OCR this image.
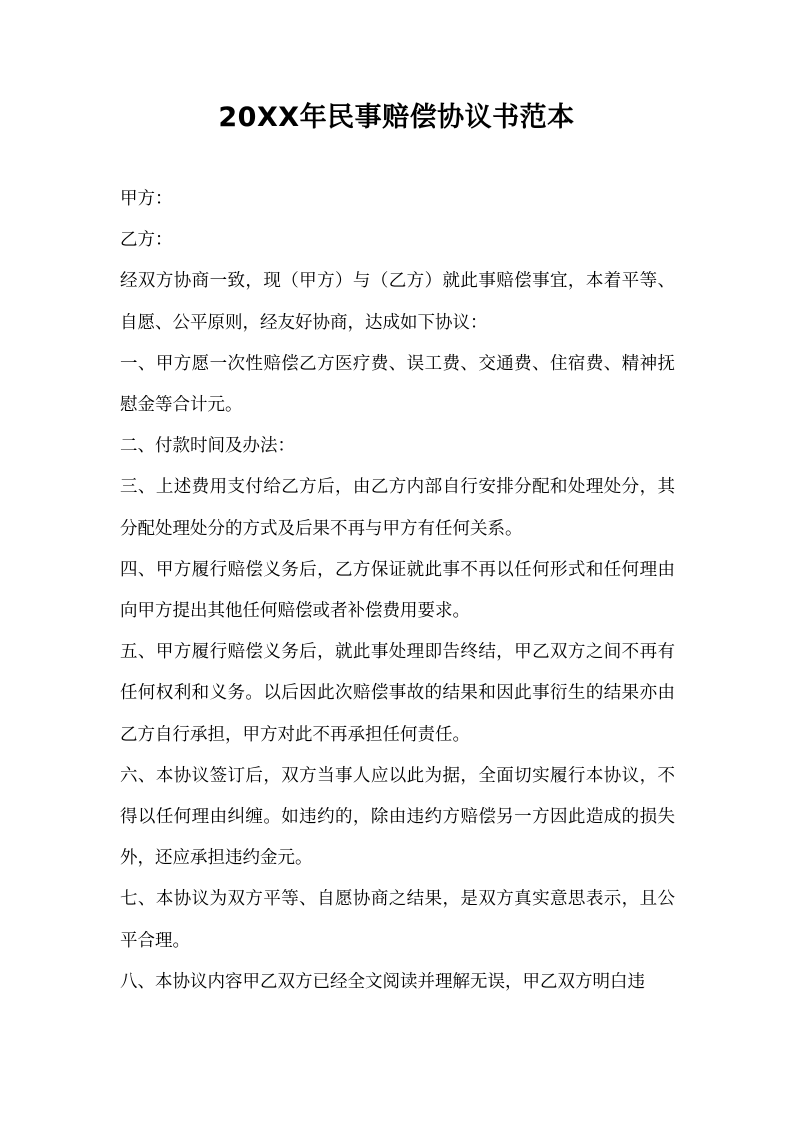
20XX年民事赔偿协议书范本

甲方：

乙方：

经双方协商一致，现（甲方）与（乙方）就此事赔偿事宜，本着平等、自愿、公平原则，经友好协商，达成如下协议：

一、甲方愿一次性赔偿乙方医疗费、误工费、交通费、住宿费、精神抚慰金等合计元。

二、付款时间及办法：

三、上述费用支付给乙方后，由乙方内部自行安排分配和处理处分，其分配处理处分的方式及后果不再与甲方有任何关系。

四、甲方履行赔偿义务后，乙方保证就此事不再以任何形式和任何理由向甲方提出其他任何赔偿或者补偿费用要求。

五、甲方履行赔偿义务后，就此事处理即告终结，甲乙双方之间不再有任何权利和义务。以后因此次赔偿事故的结果和因此事衍生的结果亦由乙方自行承担，甲方对此不再承担任何责任。

六、本协议签订后，双方当事人应以此为据，全面切实履行本协议，不得以任何理由纠缠。如违约的，除由违约方赔偿另一方因此造成的损失外，还应承担违约金元。

七、本协议为双方平等、自愿协商之结果，是双方真实意思表示，且公平合理。

八、本协议内容甲乙双方已经全文阅读并理解无误，甲乙双方明白违
